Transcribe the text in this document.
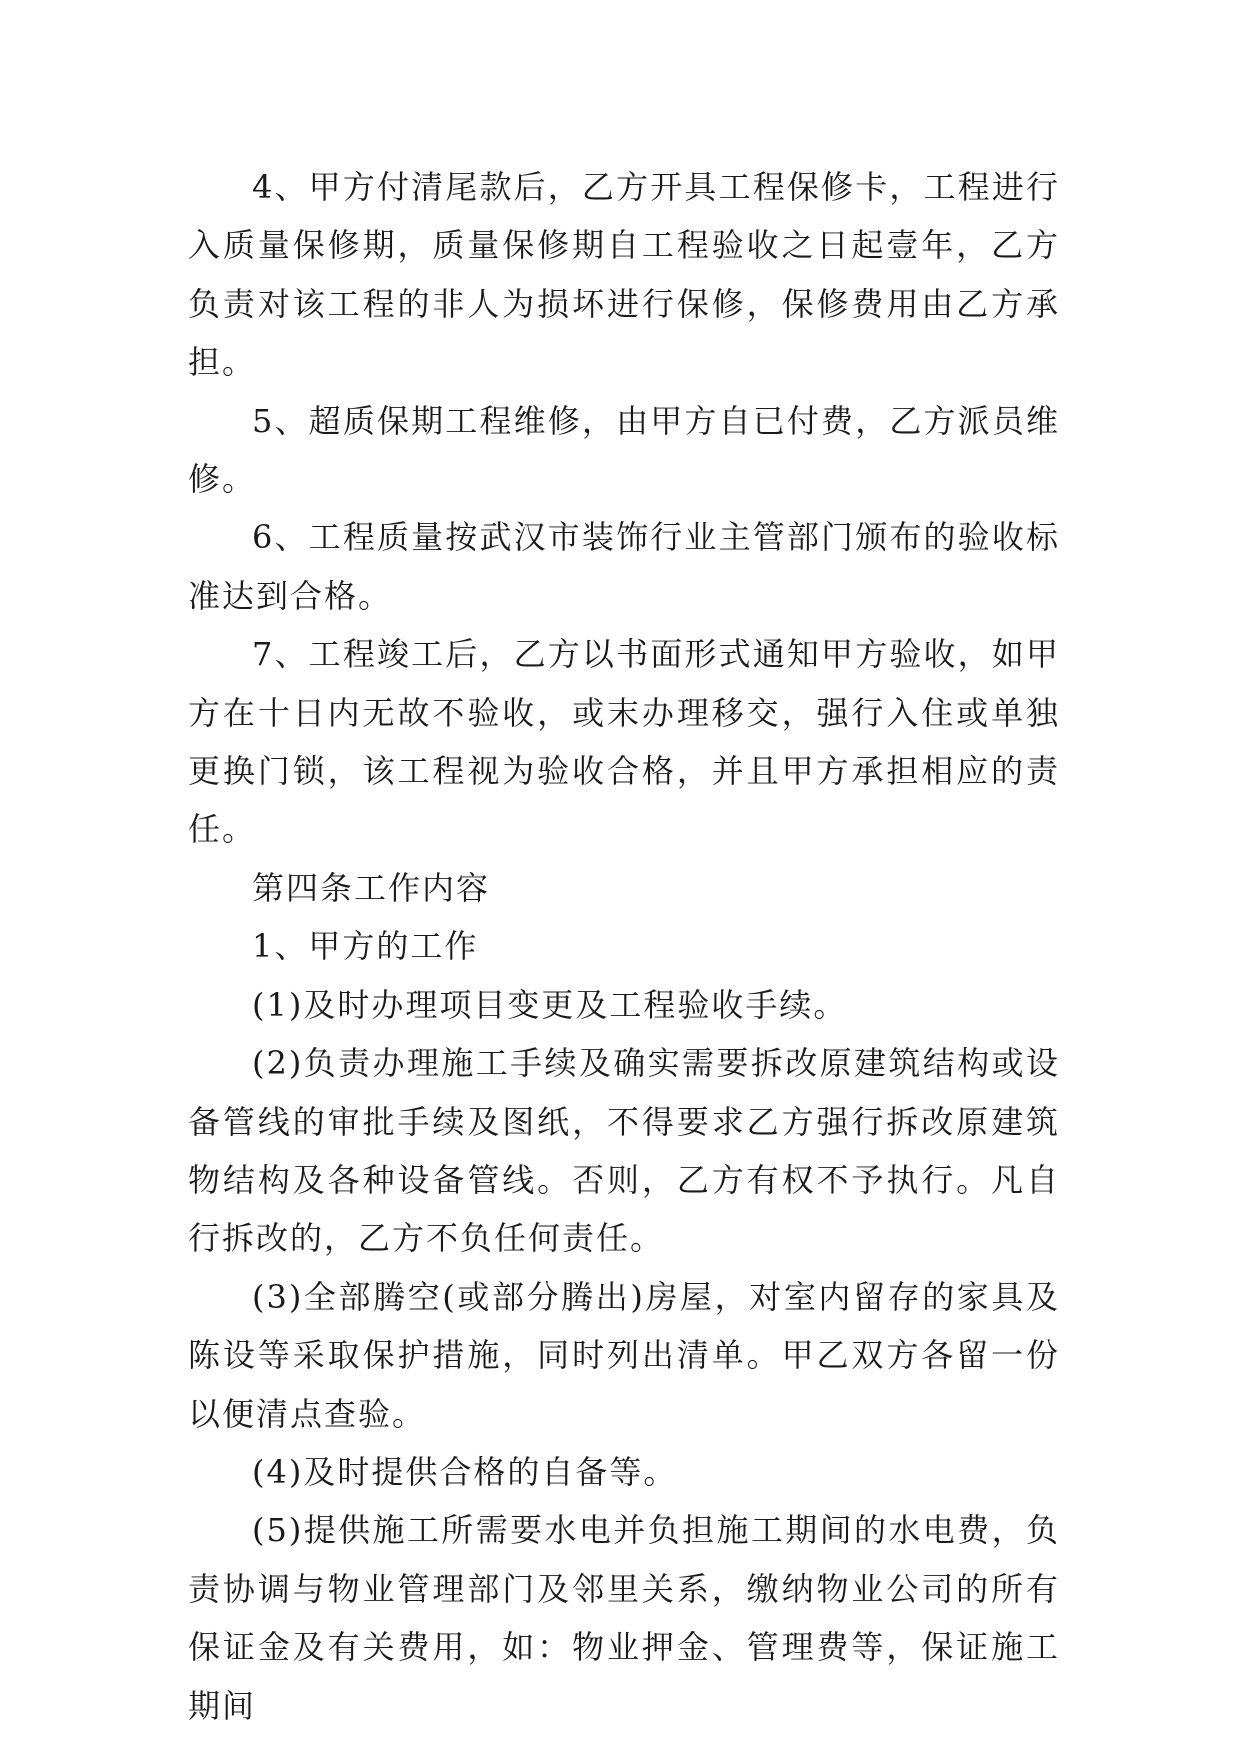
4、甲方付清尾款后，乙方开具工程保修卡，工程进行入质量保修期，质量保修期自工程验收之日起壹年，乙方负责对该工程的非人为损坏进行保修，保修费用由乙方承担。

5、超质保期工程维修，由甲方自已付费，乙方派员维修。

6、工程质量按武汉市装饰行业主管部门颁布的验收标准达到合格。

7、工程竣工后，乙方以书面形式通知甲方验收，如甲方在十日内无故不验收，或末办理移交，强行入住或单独更换门锁，该工程视为验收合格，并且甲方承担相应的责任。

第四条工作内容

1、甲方的工作

(1)及时办理项目变更及工程验收手续。

(2)负责办理施工手续及确实需要拆改原建筑结构或设备管线的审批手续及图纸，不得要求乙方强行拆改原建筑物结构及各种设备管线。否则，乙方有权不予执行。凡自行拆改的，乙方不负任何责任。

(3)全部腾空(或部分腾出)房屋，对室内留存的家具及陈设等采取保护措施，同时列出清单。甲乙双方各留一份以便清点查验。

(4)及时提供合格的自备等。

(5)提供施工所需要水电并负担施工期间的水电费，负责协调与物业管理部门及邻里关系，缴纳物业公司的所有保证金及有关费用，如：物业押金、管理费等，保证施工期间
